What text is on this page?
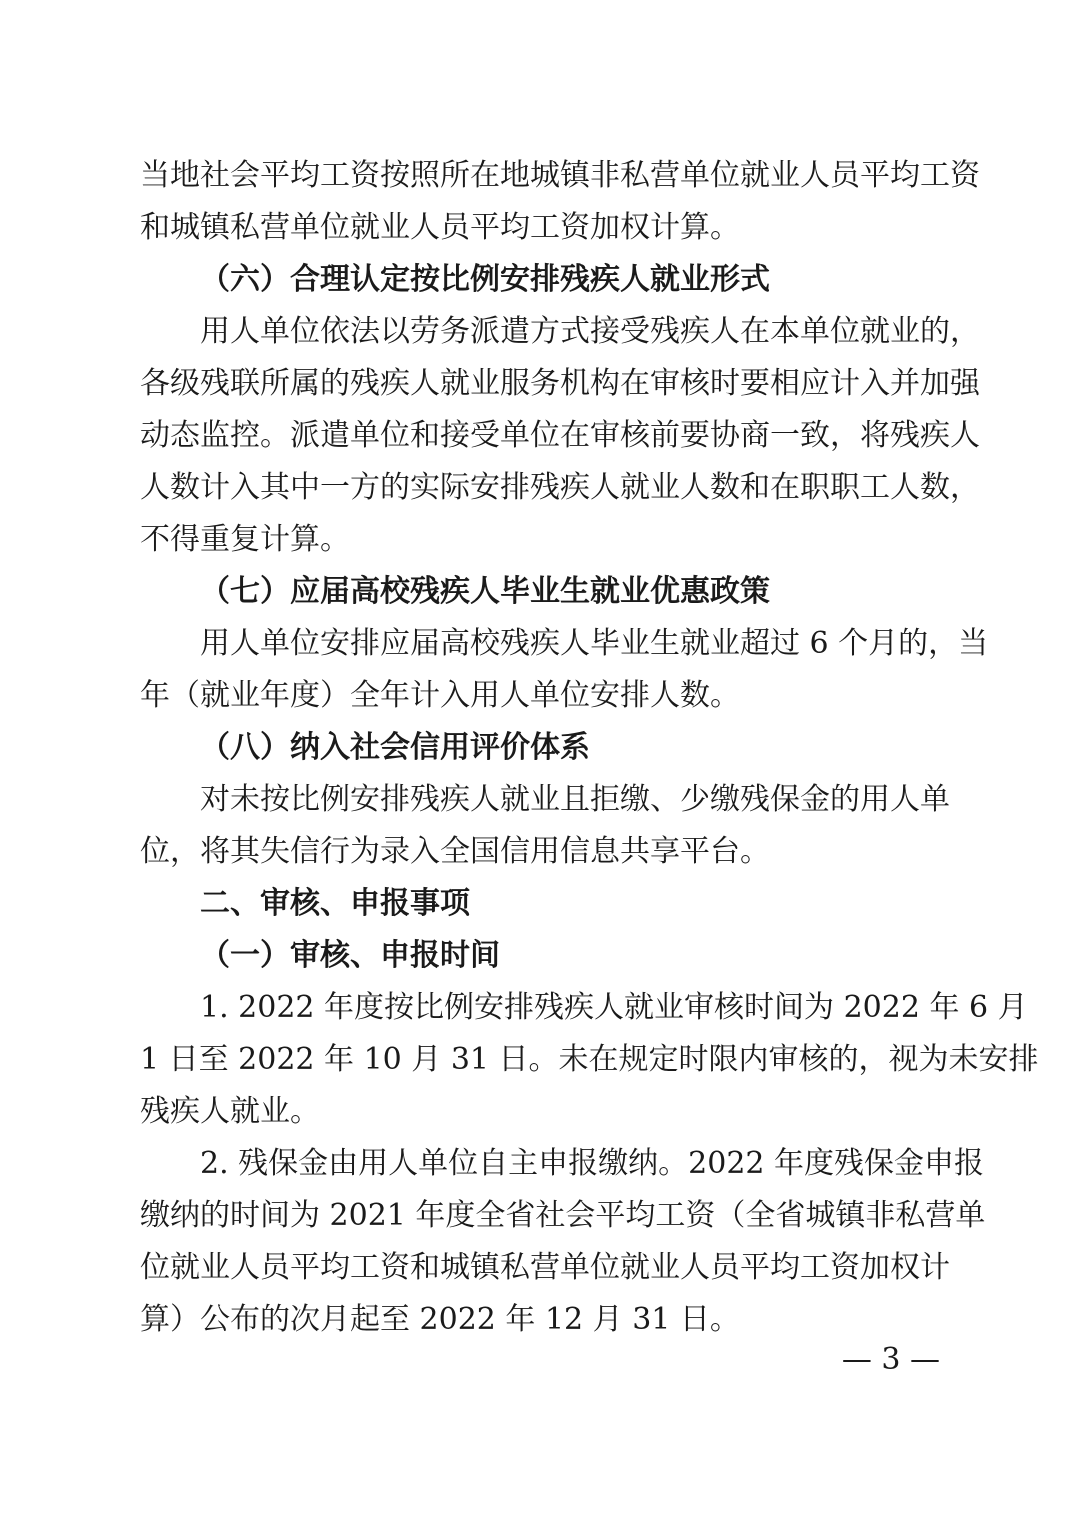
当地社会平均工资按照所在地城镇非私营单位就业人员平均工资
和城镇私营单位就业人员平均工资加权计算。
（六）合理认定按比例安排残疾人就业形式
用人单位依法以劳务派遣方式接受残疾人在本单位就业的，
各级残联所属的残疾人就业服务机构在审核时要相应计入并加强
动态监控。派遣单位和接受单位在审核前要协商一致，将残疾人
人数计入其中一方的实际安排残疾人就业人数和在职职工人数，
不得重复计算。
（七）应届高校残疾人毕业生就业优惠政策
用人单位安排应届高校残疾人毕业生就业超过 6 个月的，当
年（就业年度）全年计入用人单位安排人数。
（八）纳入社会信用评价体系
对未按比例安排残疾人就业且拒缴、少缴残保金的用人单
位，将其失信行为录入全国信用信息共享平台。
二、审核、申报事项
（一）审核、申报时间
1. 2022 年度按比例安排残疾人就业审核时间为 2022 年 6 月
1 日至 2022 年 10 月 31 日。未在规定时限内审核的，视为未安排
残疾人就业。
2. 残保金由用人单位自主申报缴纳。2022 年度残保金申报
缴纳的时间为 2021 年度全省社会平均工资（全省城镇非私营单
位就业人员平均工资和城镇私营单位就业人员平均工资加权计
算）公布的次月起至 2022 年 12 月 31 日。
— 3 —
